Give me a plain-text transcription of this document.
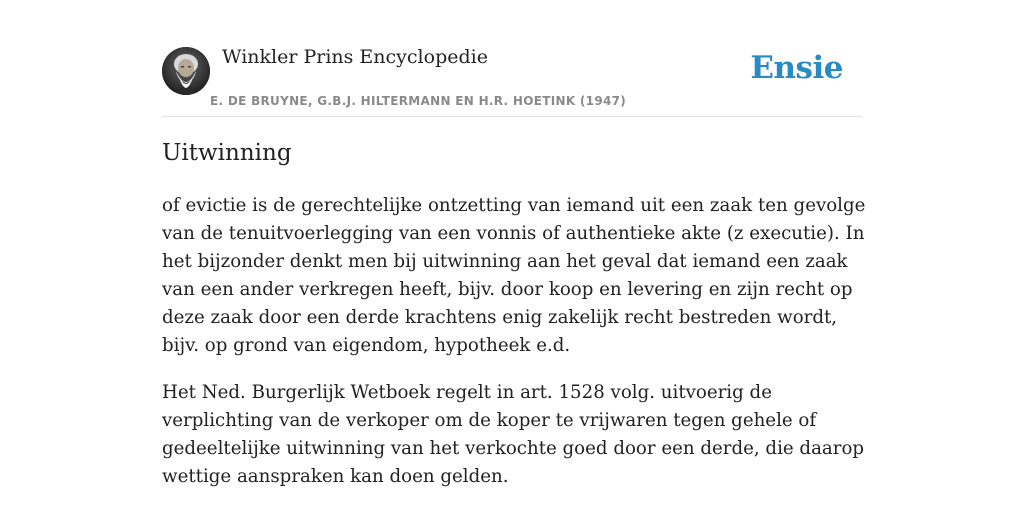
Winkler Prins Encyclopedie
E. DE BRUYNE, G.B.J. HILTERMANN EN H.R. HOETINK (1947)
Ensie
Uitwinning

of evictie is de gerechtelijke ontzetting van iemand uit een zaak ten gevolge van de tenuitvoerlegging van een vonnis of authentieke akte (z executie). In het bijzonder denkt men bij uitwinning aan het geval dat iemand een zaak van een ander verkregen heeft, bijv. door koop en levering en zijn recht op deze zaak door een derde krachtens enig zakelijk recht bestreden wordt, bijv. op grond van eigendom, hypotheek e.d.

Het Ned. Burgerlijk Wetboek regelt in art. 1528 volg. uitvoerig de verplichting van de verkoper om de koper te vrijwaren tegen gehele of gedeeltelijke uitwinning van het verkochte goed door een derde, die daarop wettige aanspraken kan doen gelden.
